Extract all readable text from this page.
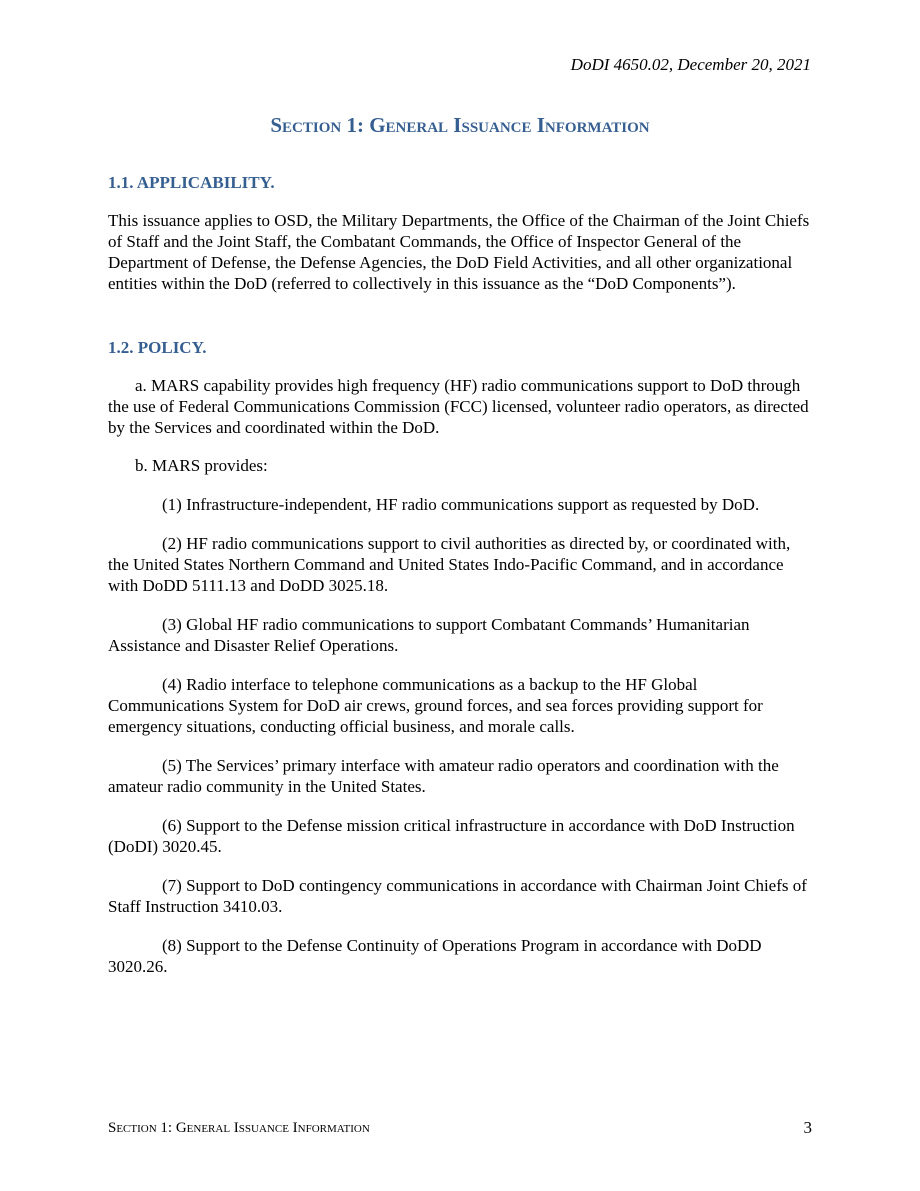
DoDI 4650.02, December 20, 2021
Section 1: General Issuance Information

1.1. APPLICABILITY.

This issuance applies to OSD, the Military Departments, the Office of the Chairman of the Joint Chiefs of Staff and the Joint Staff, the Combatant Commands, the Office of Inspector General of the Department of Defense, the Defense Agencies, the DoD Field Activities, and all other organizational entities within the DoD (referred to collectively in this issuance as the “DoD Components”).

1.2. POLICY.

a. MARS capability provides high frequency (HF) radio communications support to DoD through the use of Federal Communications Commission (FCC) licensed, volunteer radio operators, as directed by the Services and coordinated within the DoD.

b. MARS provides:

(1) Infrastructure-independent, HF radio communications support as requested by DoD.

(2) HF radio communications support to civil authorities as directed by, or coordinated with, the United States Northern Command and United States Indo-Pacific Command, and in accordance with DoDD 5111.13 and DoDD 3025.18.

(3) Global HF radio communications to support Combatant Commands’ Humanitarian Assistance and Disaster Relief Operations.

(4) Radio interface to telephone communications as a backup to the HF Global Communications System for DoD air crews, ground forces, and sea forces providing support for emergency situations, conducting official business, and morale calls.

(5) The Services’ primary interface with amateur radio operators and coordination with the amateur radio community in the United States.

(6) Support to the Defense mission critical infrastructure in accordance with DoD Instruction (DoDI) 3020.45.

(7) Support to DoD contingency communications in accordance with Chairman Joint Chiefs of Staff Instruction 3410.03.

(8) Support to the Defense Continuity of Operations Program in accordance with DoDD 3020.26.

Section 1: General Issuance Information	3
